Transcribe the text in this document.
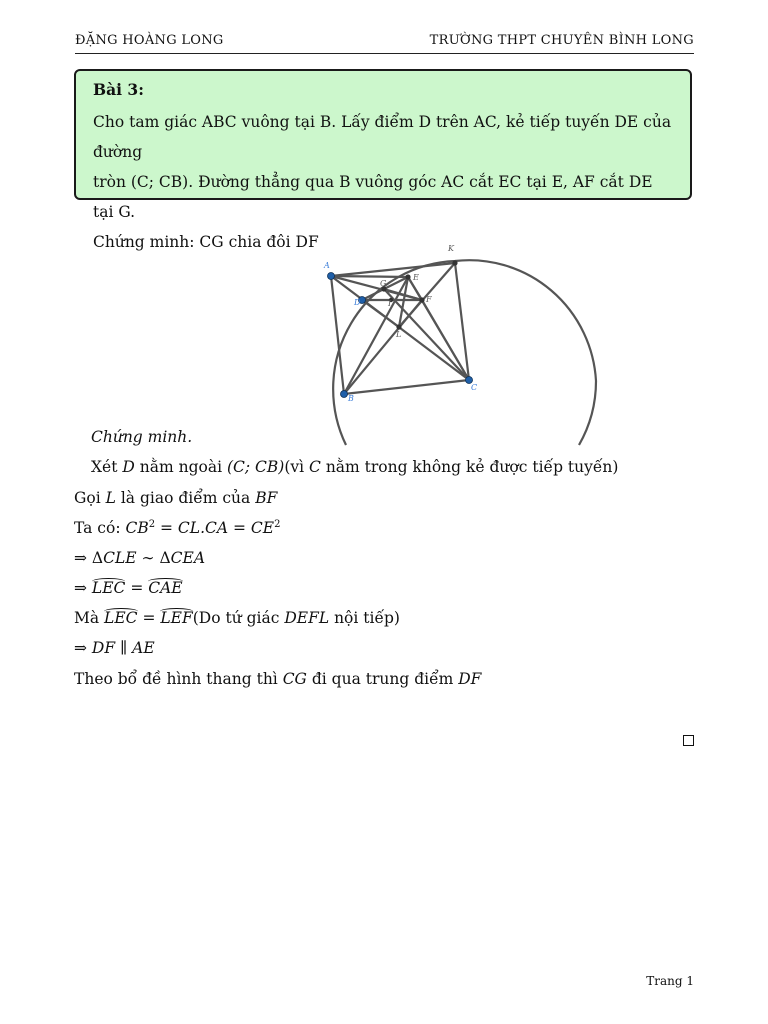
ĐẶNG HOÀNG LONG	TRƯỜNG THPT CHUYÊN BÌNH LONG

Bài 3:

Cho tam giác ABC vuông tại B. Lấy điểm D trên AC, kẻ tiếp tuyến DE của đường
tròn (C; CB). Đường thẳng qua B vuông góc AC cắt EC tại E, AF cắt DE tại G.
Chứng minh: CG chia đôi DF

A
B
C
D
K
E
F
G
L
I
Chứng minh.
Xét D nằm ngoài (C; CB)(vì C nằm trong không kẻ được tiếp tuyến)
Gọi L là giao điểm của BF
Ta có: $CB^2 = CL.CA = CE^2$
⇒ ΔCLE ∼ ΔCEA
⇒ LEC = CAE
Mà LEC = LEF(Do tứ giác DEFL nội tiếp)
⇒ DF ∥ AE
Theo bổ đề hình thang thì CG đi qua trung điểm DF
Trang 1
